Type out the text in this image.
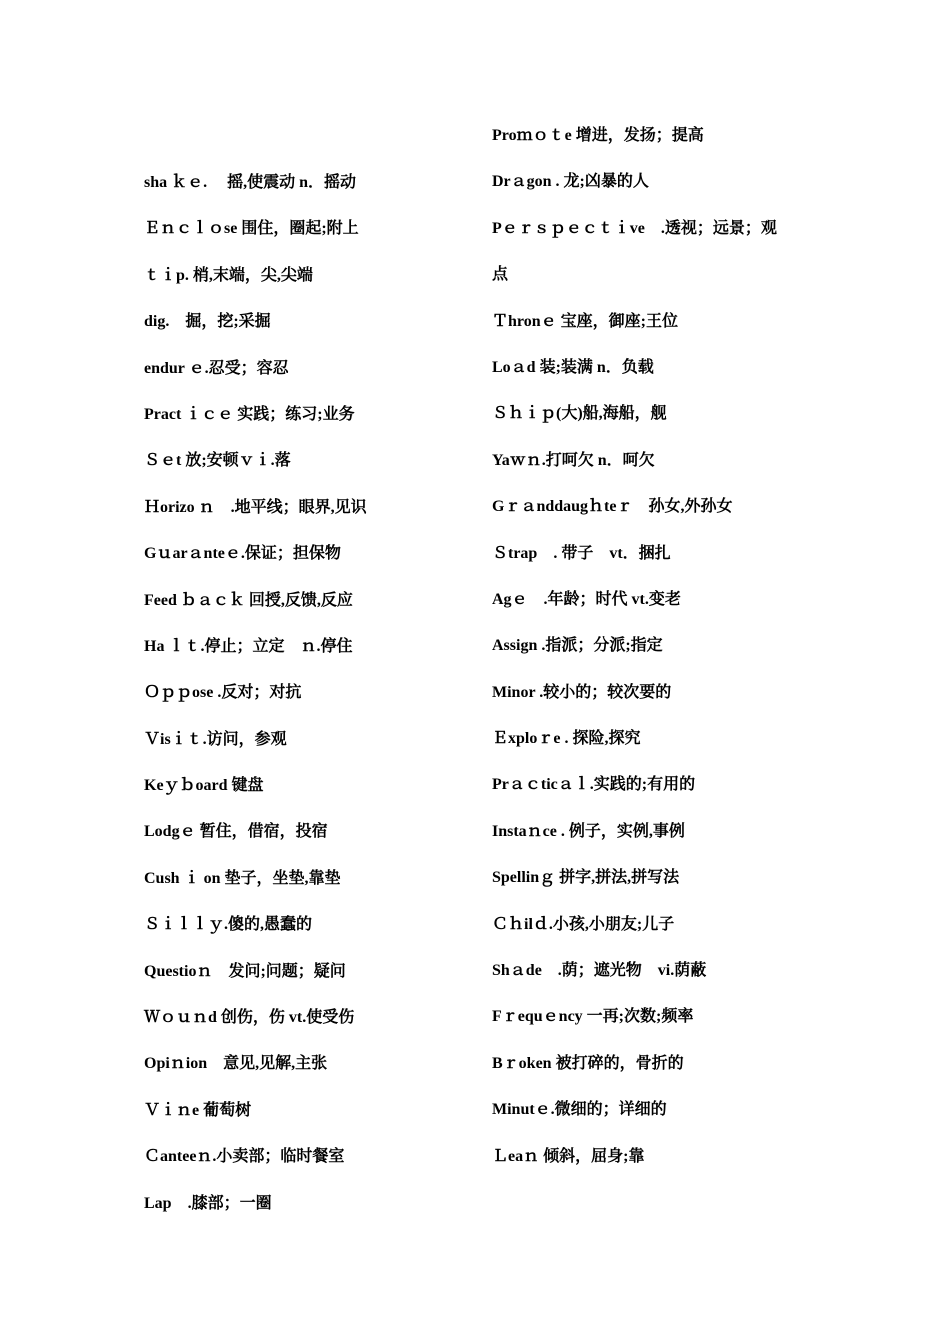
sha ｋｅ.　 摇,使震动 n．摇动
Ｅｎｃｌｏse 围住，圈起;附上
ｔｉp. 梢,末端，尖,尖端
dig.　掘，挖;采掘
endur ｅ.忍受；容忍
Pract ｉｃｅ 实践；练习;业务
Ｓｅt 放;安顿ｖｉ.落
Ｈorizo ｎ　.地平线；眼界,见识
Gｕarａnteｅ.保证；担保物
Feed ｂａｃｋ 回授,反馈,反应
Ha ｌｔ.停止；立定　ｎ.停住
Ｏｐｐose .反对；对抗
Ｖisｉｔ.访问，参观
Keｙｂoard 键盘
Lodgｅ 暂住，借宿，投宿
Cush ｉ on 垫子，坐垫,靠垫
Ｓｉｌｌｙ.傻的,愚蠢的
Questioｎ　发问;问题；疑问
Ｗｏｕｎd 创伤，伤 vt.使受伤
Opiｎion　意见,见解,主张
Ｖｉｎe 葡萄树
Ｃanteeｎ.小卖部；临时餐室
Lap　.膝部；一圈
Proｍｏｔe 增进，发扬；提高
Drａgon . 龙;凶暴的人
Pｅｒｓｐｅｃｔｉve　.透视；远景；观
点
Ｔhronｅ 宝座，御座;王位
Loａd 装;装满 n．负载
Ｓｈｉｐ(大)船,海船，舰
Yaｗｎ.打呵欠 n．呵欠
Gｒａnddaugｈteｒ　孙女,外孙女
Ｓtrap　. 带子　vt．捆扎
Agｅ　.年龄；时代 vt.变老
Assign .指派；分派;指定
Minor .较小的；较次要的
Ｅxploｒe . 探险,探究
Prａｃticａｌ.实践的;有用的
Instaｎce . 例子，实例,事例
Spellinｇ 拼字,拼法,拼写法
Ｃｈilｄ.小孩,小朋友;儿子
Shａde　.荫；遮光物　vi.荫蔽
Fｒequｅncy 一再;次数;频率
Bｒoken 被打碎的，骨折的
Minutｅ.微细的；详细的
Ｌeaｎ 倾斜，屈身;靠
